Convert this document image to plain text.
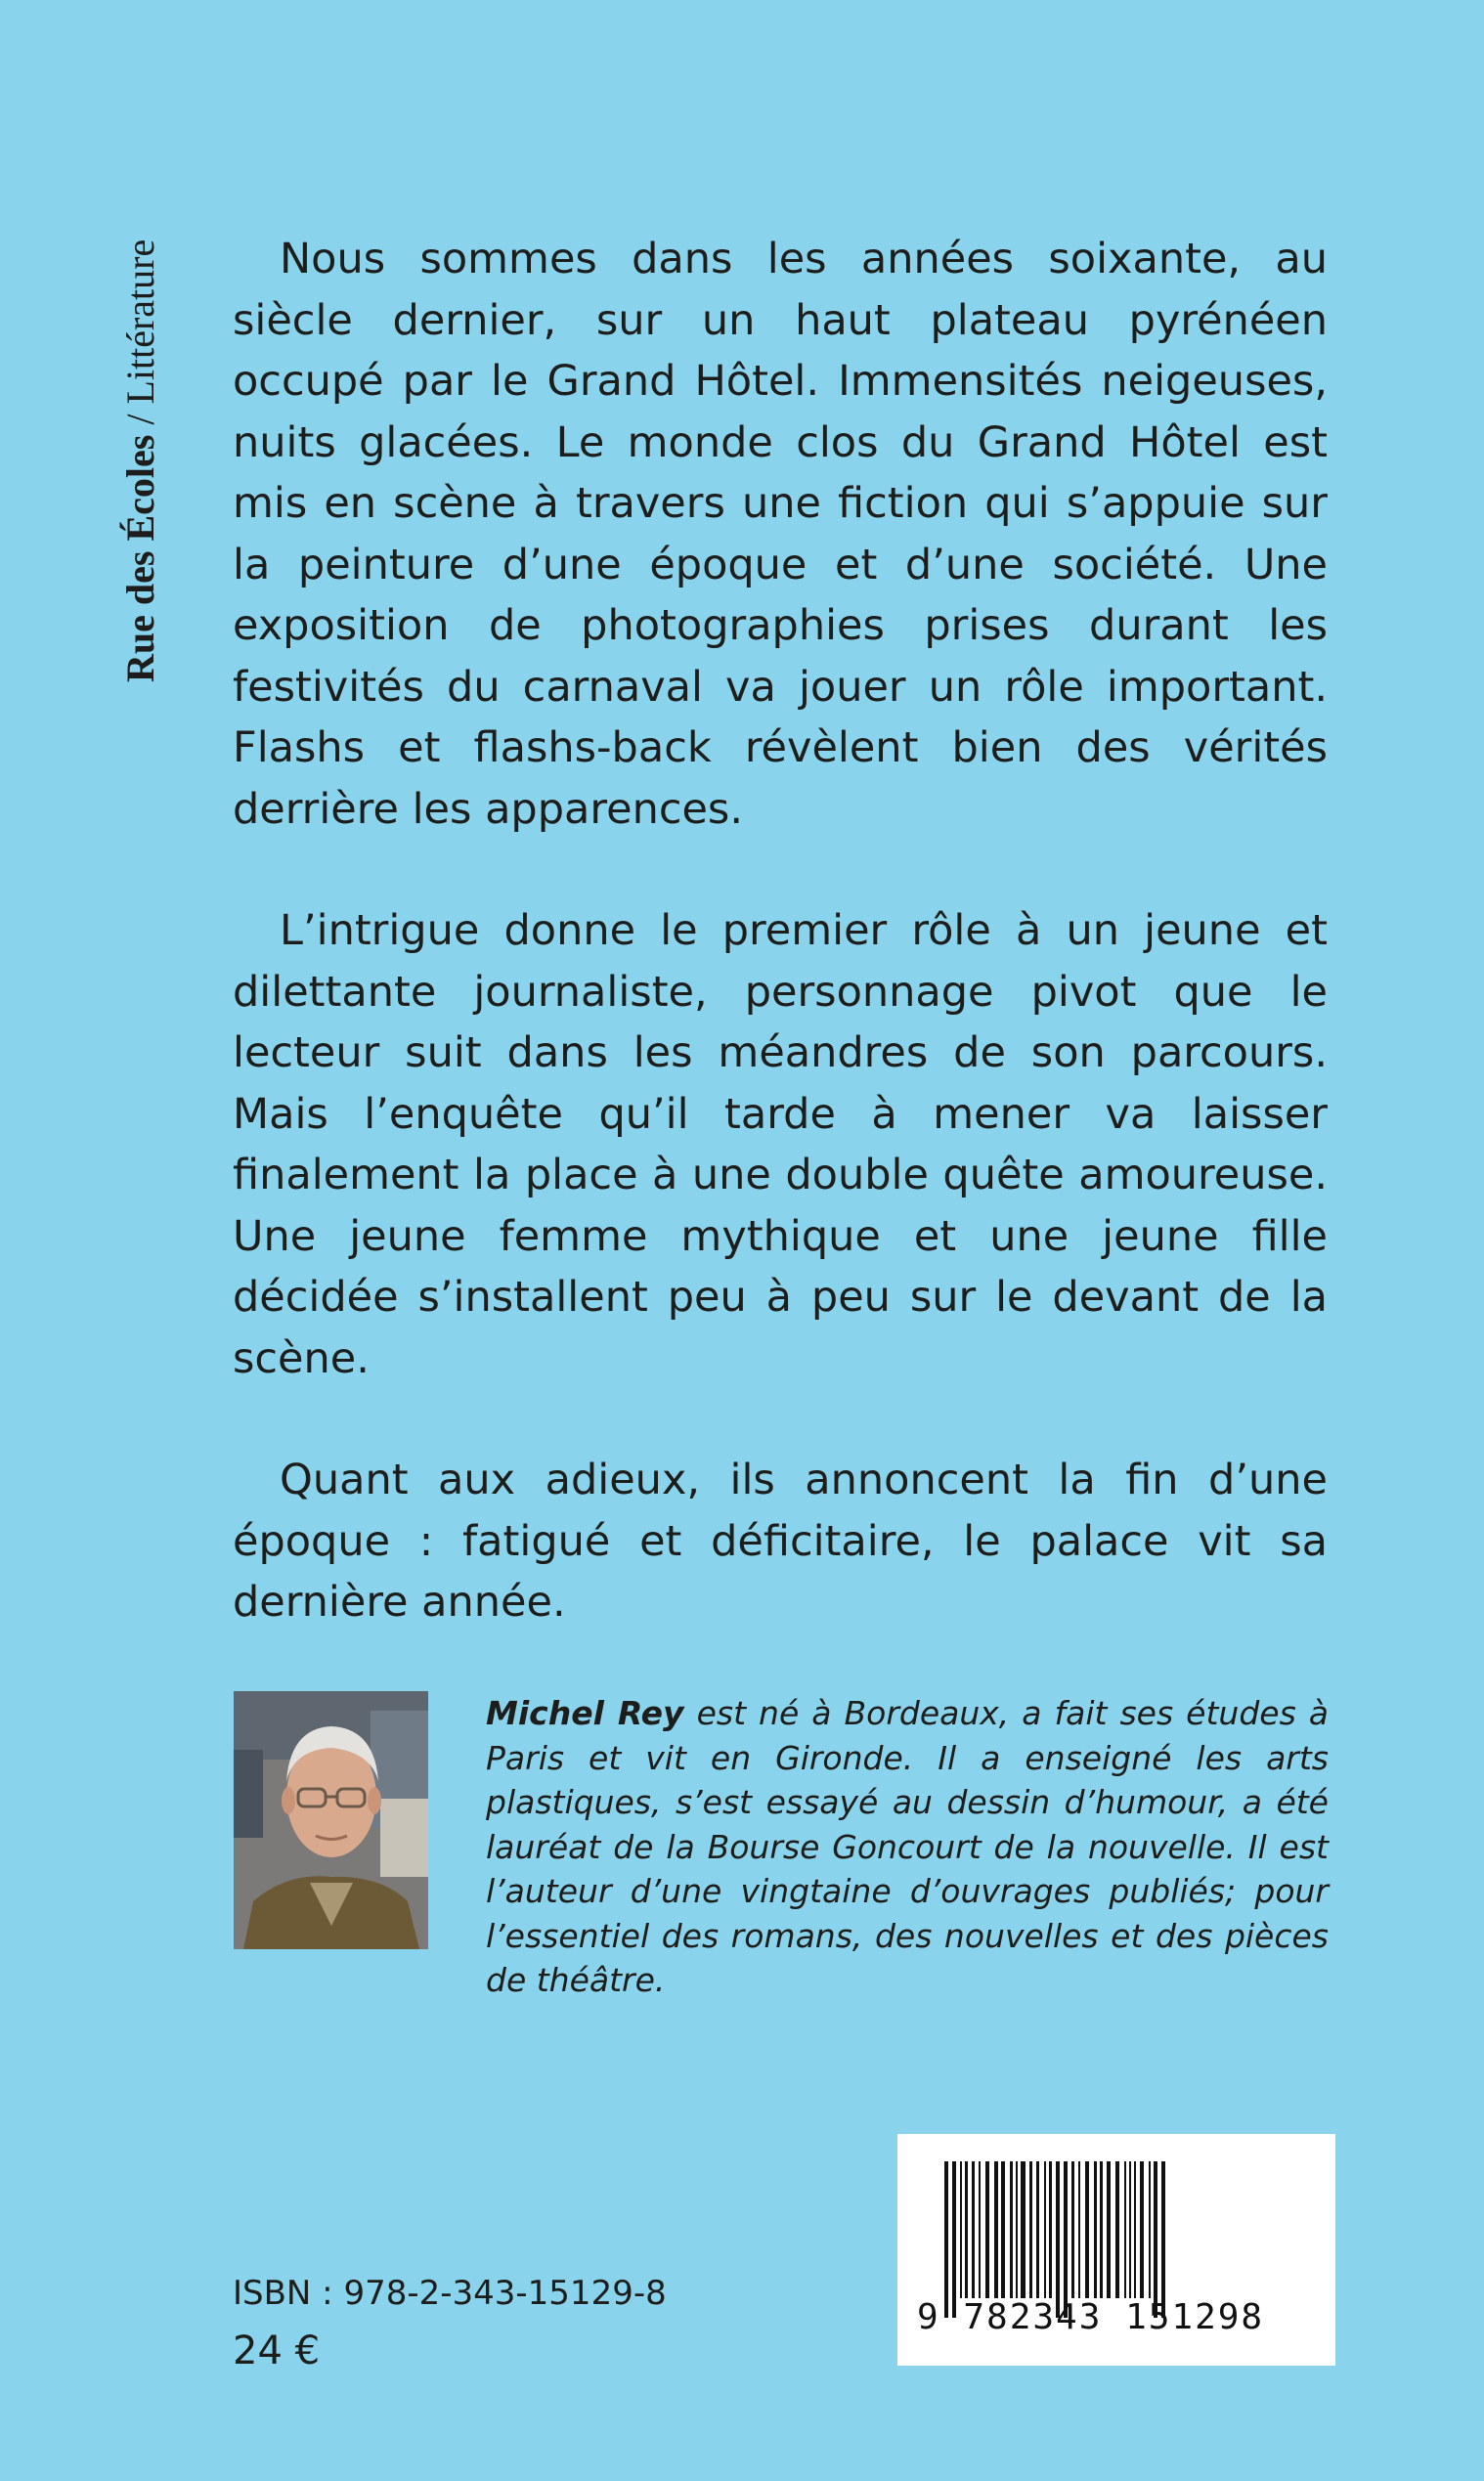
Rue des Écoles / Littérature	Nous sommes dans les années soixante, au siècle dernier, sur un haut plateau pyrénéen occupé par le Grand Hôtel. Immensités neigeuses, nuits glacées. Le monde clos du Grand Hôtel est mis en scène à travers une fiction qui s’appuie sur la peinture d’une époque et d’une société. Une exposition de photographies prises durant les festivités du carnaval va jouer un rôle important. Flashs et flashs-back révèlent bien des vérités derrière les apparences.

L’intrigue donne le premier rôle à un jeune et dilettante journaliste, personnage pivot que le lecteur suit dans les méandres de son parcours. Mais l’enquête qu’il tarde à mener va laisser finalement la place à une double quête amoureuse. Une jeune femme mythique et une jeune fille décidée s’installent peu à peu sur le devant de la scène.

Quant aux adieux, ils annoncent la fin d’une époque : fatigué et déficitaire, le palace vit sa dernière année.

Michel Rey est né à Bordeaux, a fait ses études à Paris et vit en Gironde. Il a enseigné les arts plastiques, s’est essayé au dessin d’humour, a été lauréat de la Bourse Goncourt de la nouvelle. Il est l’auteur d’une vingtaine d’ouvrages publiés; pour l’essentiel des romans, des nouvelles et des pièces de théâtre.

ISBN : 978-2-343-15129-8
24 €
9 782343 151298
